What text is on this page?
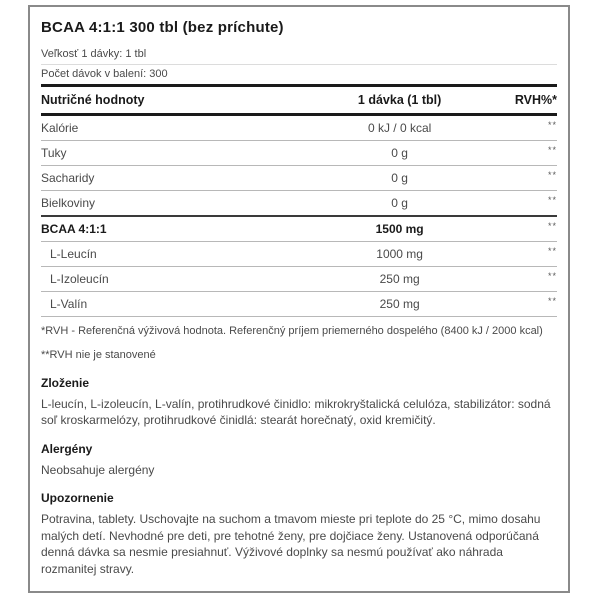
BCAA 4:1:1 300 tbl (bez príchute)
Veľkosť 1 dávky: 1 tbl
Počet dávok v balení: 300
Nutričné hodnoty	1 dávka (1 tbl)	RVH%*
Kalórie	0 kJ / 0 kcal	**
Tuky	0 g	**
Sacharidy	0 g	**
Bielkoviny	0 g	**
BCAA 4:1:1	1500 mg	**
L-Leucín	1000 mg	**
L-Izoleucín	250 mg	**
L-Valín	250 mg	**

*RVH - Referenčná výživová hodnota. Referenčný príjem priemerného dospelého (8400 kJ / 2000 kcal)

**RVH nie je stanovené

Zloženie

L-leucín, L-izoleucín, L-valín, protihrudkové činidlo: mikrokryštalická celulóza, stabilizátor: sodná soľ kroskarmelózy, protihrudkové činidlá: stearát horečnatý, oxid kremičitý.

Alergény

Neobsahuje alergény

Upozornenie

Potravina, tablety. Uschovajte na suchom a tmavom mieste pri teplote do 25 °C, mimo dosahu malých detí. Nevhodné pre deti, pre tehotné ženy, pre dojčiace ženy. Ustanovená odporúčaná denná dávka sa nesmie presiahnuť. Výživové doplnky sa nesmú používať ako náhrada rozmanitej stravy.
